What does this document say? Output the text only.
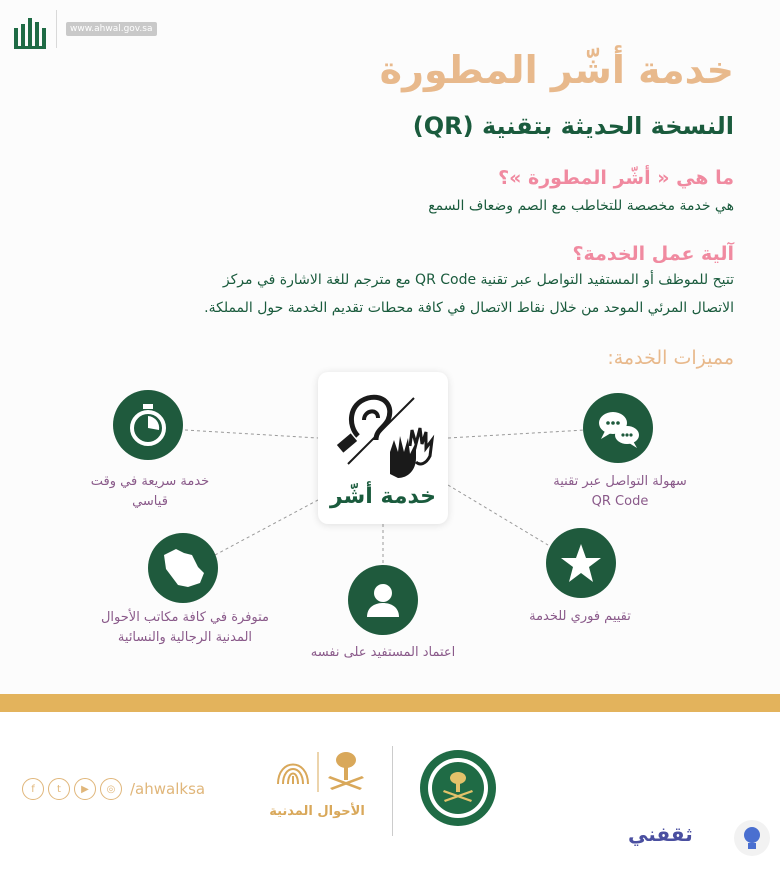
www.ahwal.gov.sa
خدمة أشّر المطورة
النسخة الحديثة بتقنية (QR)
ما هي « أشّر المطورة »؟
هي خدمة مخصصة للتخاطب مع الصم وضعاف السمع
آلية عمل الخدمة؟
تتيح للموظف أو المستفيد التواصل عبر تقنية QR Code مع مترجم للغة الاشارة في مركز
الاتصال المرئي الموحد من خلال نقاط الاتصال في كافة محطات تقديم الخدمة حول المملكة.
مميزات الخدمة:
خدمة أشّر
خدمة سريعة في وقت
قياسي
سهولة التواصل عبر تقنية
QR Code
متوفرة في كافة مكاتب الأحوال
المدنية الرجالية والنسائية
اعتماد المستفيد على نفسه
تقييم فوري للخدمة
f	t	▶	◎ /ahwalksa
الأحوال المدنية
ثقفني
